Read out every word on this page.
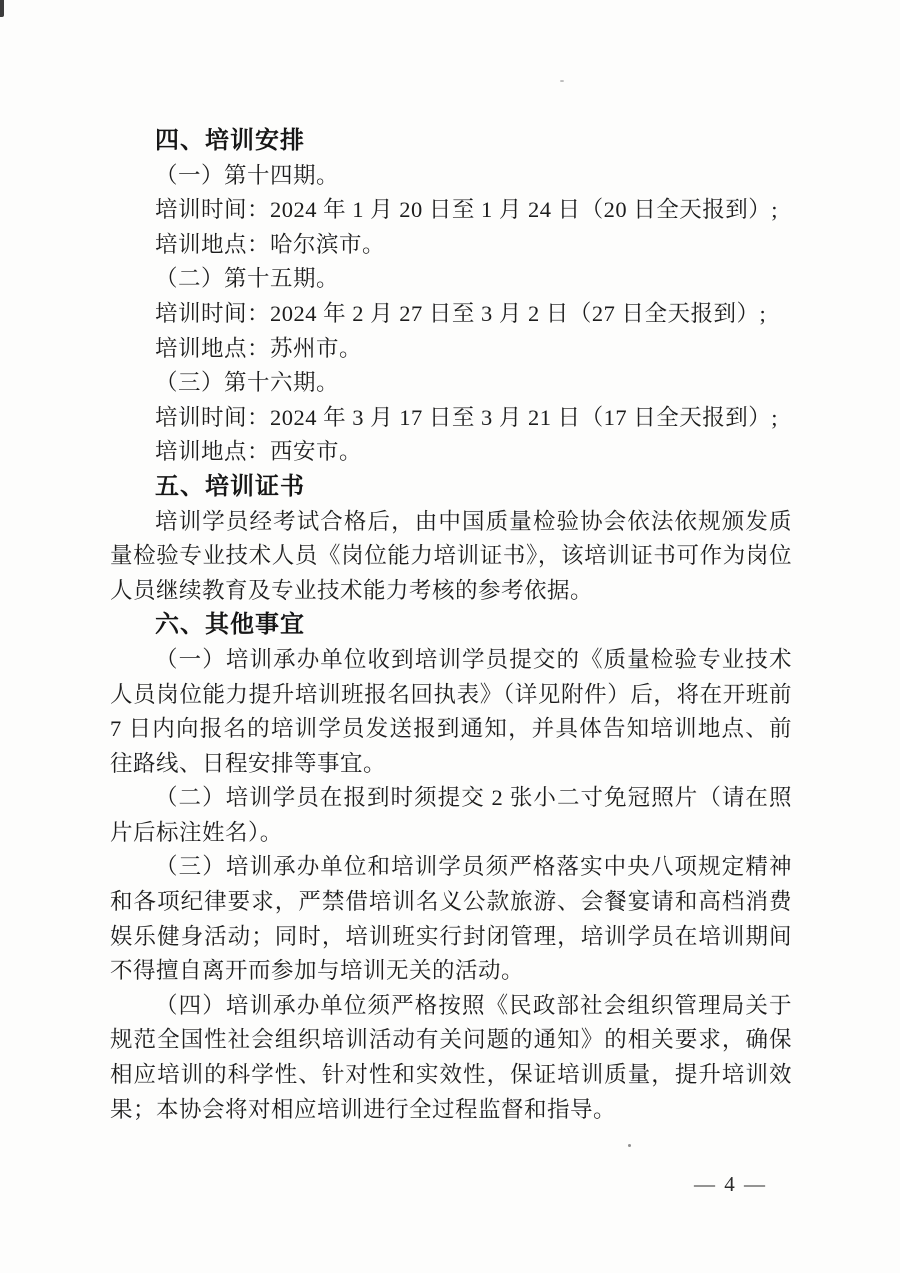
四、培训安排

（一）第十四期。

培训时间：2024 年 1 月 20 日至 1 月 24 日（20 日全天报到）;

培训地点：哈尔滨市。

（二）第十五期。

培训时间：2024 年 2 月 27 日至 3 月 2 日（27 日全天报到）;

培训地点：苏州市。

（三）第十六期。

培训时间：2024 年 3 月 17 日至 3 月 21 日（17 日全天报到）;

培训地点：西安市。

五、培训证书

培训学员经考试合格后，由中国质量检验协会依法依规颁发质量检验专业技术人员《岗位能力培训证书》，该培训证书可作为岗位人员继续教育及专业技术能力考核的参考依据。

六、其他事宜

（一）培训承办单位收到培训学员提交的《质量检验专业技术人员岗位能力提升培训班报名回执表》（详见附件）后，将在开班前 7 日内向报名的培训学员发送报到通知，并具体告知培训地点、前往路线、日程安排等事宜。

（二）培训学员在报到时须提交 2 张小二寸免冠照片（请在照片后标注姓名）。

（三）培训承办单位和培训学员须严格落实中央八项规定精神和各项纪律要求，严禁借培训名义公款旅游、会餐宴请和高档消费娱乐健身活动；同时，培训班实行封闭管理，培训学员在培训期间不得擅自离开而参加与培训无关的活动。

（四）培训承办单位须严格按照《民政部社会组织管理局关于规范全国性社会组织培训活动有关问题的通知》的相关要求，确保相应培训的科学性、针对性和实效性，保证培训质量，提升培训效果；本协会将对相应培训进行全过程监督和指导。

— 4 —
